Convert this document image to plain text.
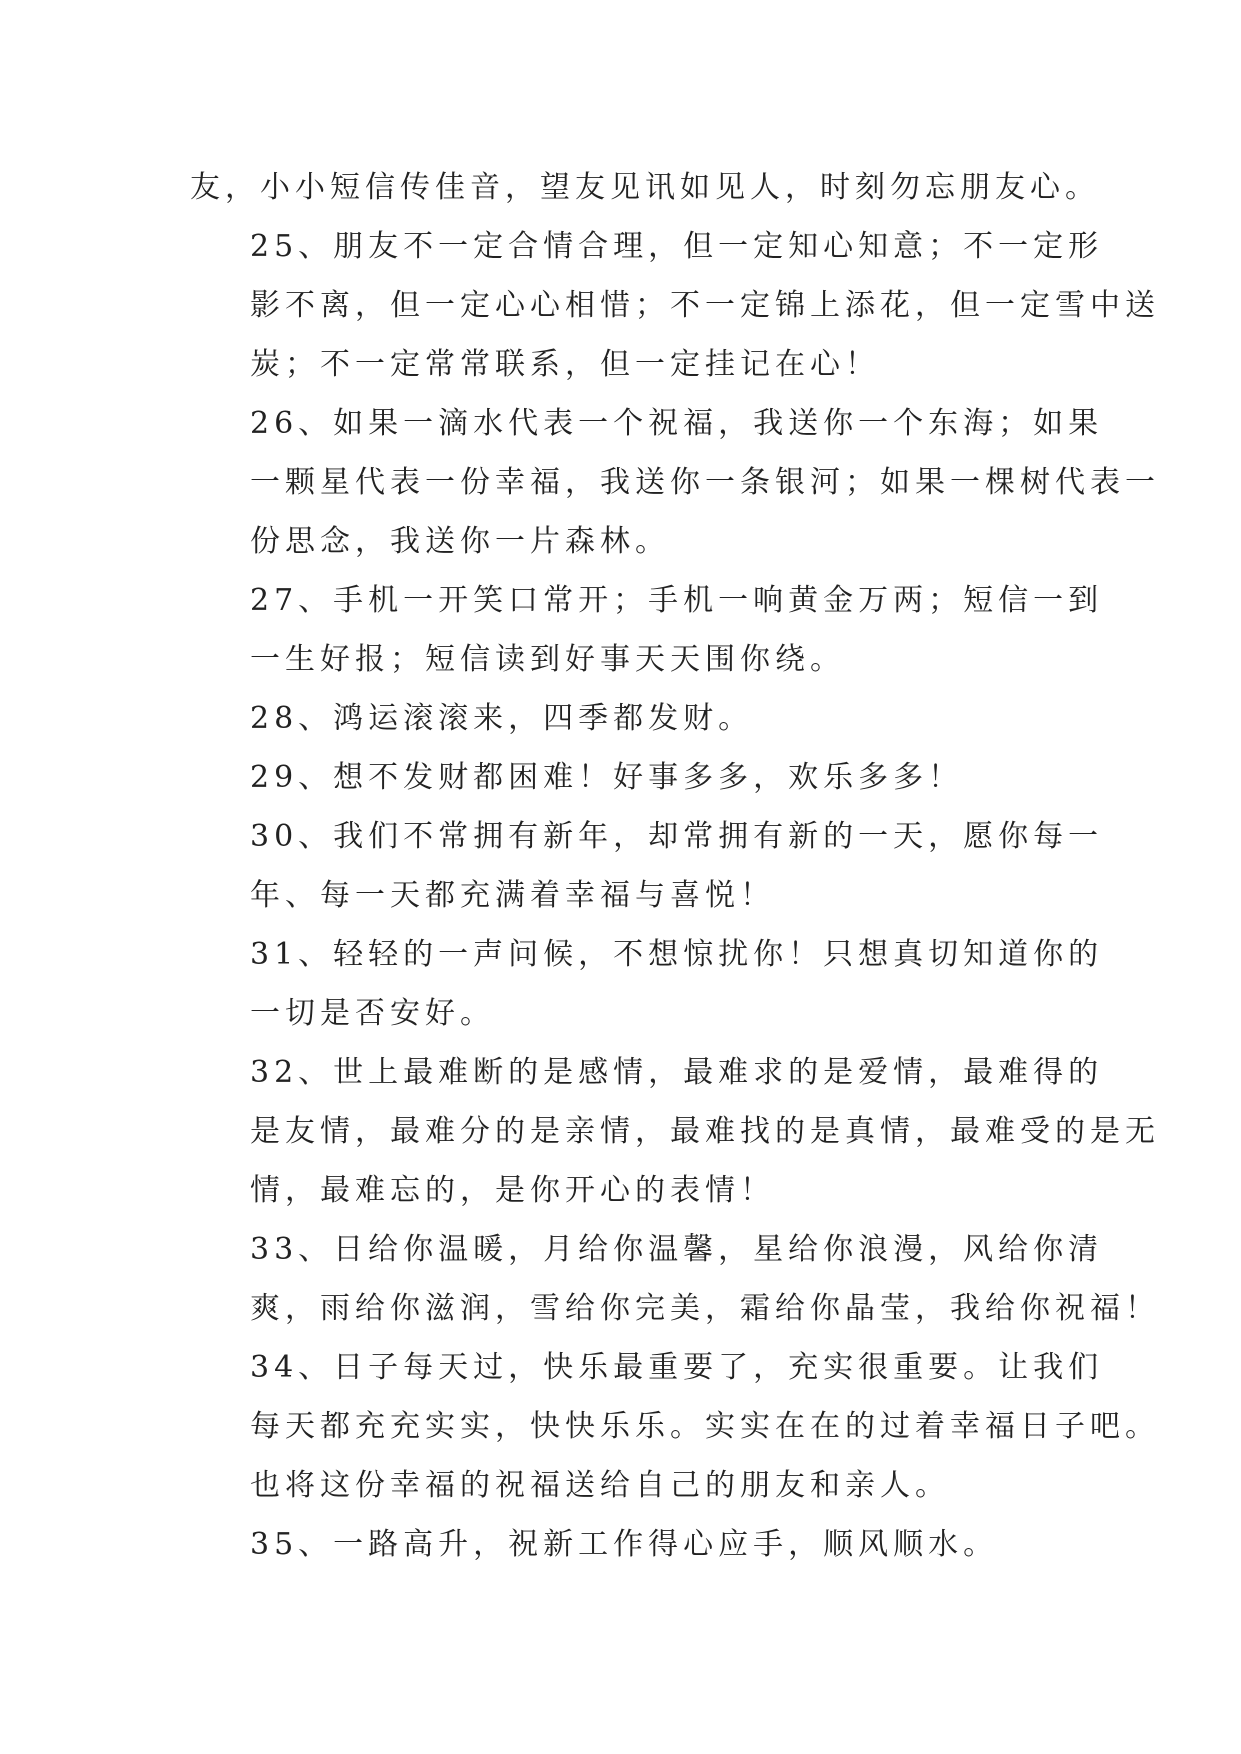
友，小小短信传佳音，望友见讯如见人，时刻勿忘朋友心。

25、朋友不一定合情合理，但一定知心知意；不一定形
影不离，但一定心心相惜；不一定锦上添花，但一定雪中送
炭；不一定常常联系，但一定挂记在心！

26、如果一滴水代表一个祝福，我送你一个东海；如果
一颗星代表一份幸福，我送你一条银河；如果一棵树代表一
份思念，我送你一片森林。

27、手机一开笑口常开；手机一响黄金万两；短信一到
一生好报；短信读到好事天天围你绕。

28、鸿运滚滚来，四季都发财。

29、想不发财都困难！好事多多，欢乐多多！

30、我们不常拥有新年，却常拥有新的一天，愿你每一
年、每一天都充满着幸福与喜悦！

31、轻轻的一声问候，不想惊扰你！只想真切知道你的
一切是否安好。

32、世上最难断的是感情，最难求的是爱情，最难得的
是友情，最难分的是亲情，最难找的是真情，最难受的是无
情，最难忘的，是你开心的表情！

33、日给你温暖，月给你温馨，星给你浪漫，风给你清
爽，雨给你滋润，雪给你完美，霜给你晶莹，我给你祝福！

34、日子每天过，快乐最重要了，充实很重要。让我们
每天都充充实实，快快乐乐。实实在在的过着幸福日子吧。
也将这份幸福的祝福送给自己的朋友和亲人。

35、一路高升，祝新工作得心应手，顺风顺水。
